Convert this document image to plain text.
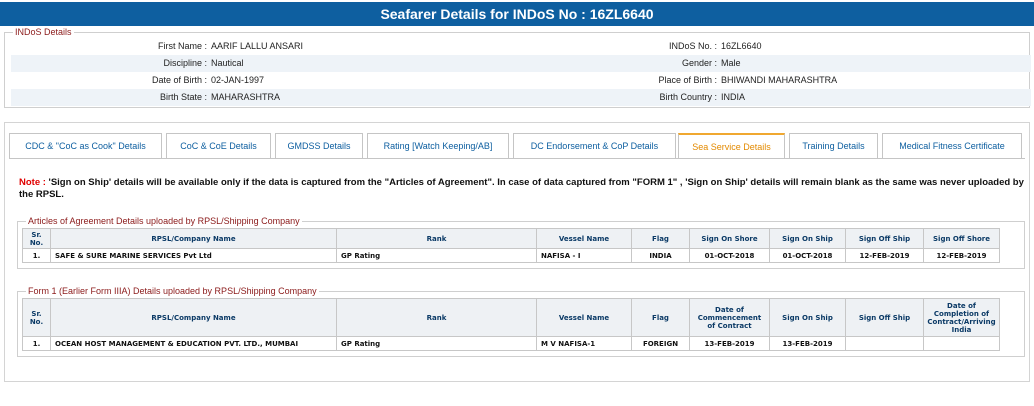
Seafarer Details for INDoS No : 16ZL6640
INDoS Details
First Name : AARIF LALLU ANSARI	INDoS No. : 16ZL6640
Discipline : Nautical	Gender : Male
Date of Birth : 02-JAN-1997	Place of Birth : BHIWANDI MAHARASHTRA
Birth State : MAHARASHTRA	Birth Country : INDIA
CDC & "CoC as Cook" Details	CoC & CoE Details	GMDSS Details	Rating [Watch Keeping/AB]	DC Endorsement & CoP Details	Sea Service Details	Training Details	Medical Fitness Certificate
Note : 'Sign on Ship' details will be available only if the data is captured from the "Articles of Agreement". In case of data captured from "FORM 1" , 'Sign on Ship' details will remain blank as the same was never uploaded by the RPSL.
Articles of Agreement Details uploaded by RPSL/Shipping Company
Sr.
No.	RPSL/Company Name	Rank	Vessel Name	Flag	Sign On Shore	Sign On Ship	Sign Off Ship	Sign Off Shore
1.	SAFE & SURE MARINE SERVICES Pvt Ltd	GP Rating	NAFISA - I	INDIA	01-OCT-2018	01-OCT-2018	12-FEB-2019	12-FEB-2019
Form 1 (Earlier Form IIIA) Details uploaded by RPSL/Shipping Company
Sr.
No.	RPSL/Company Name	Rank	Vessel Name	Flag	Date of
Commencement
of Contract	Sign On Ship	Sign Off Ship	Date of
Completion of
Contract/Arriving
India
1.	OCEAN HOST MANAGEMENT & EDUCATION PVT. LTD., MUMBAI	GP Rating	M V NAFISA-1	FOREIGN	13-FEB-2019	13-FEB-2019		
